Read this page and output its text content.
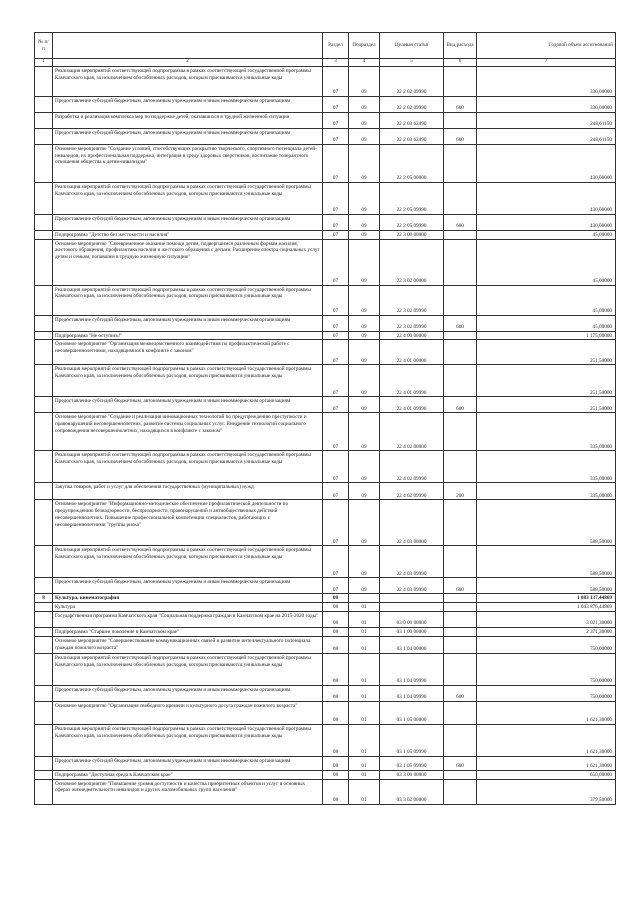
№ п/п		Раздел	Подраздел	Целевая статья	Вид расхода	Годовой объем ассигнований
1	2	3	4	5	6	7
	Реализация мероприятий соответствующей подпрограммы в рамках соответствующей государственной программы Камчатского края, за исключением обособленных расходов, которым присваиваются уникальные коды	07	09	22 2 02 09990		330,00000
	Предоставление субсидий бюджетным, автономным учреждениям и иным некоммерческим организациям	07	09	22 2 02 09990	600	330,00000
	Разработка и реализация комплекса мер по поддержке детей, оказавшихся в трудной жизненной ситуации	07	09	22 2 03 62490		248,61150
	Предоставление субсидий бюджетным, автономным учреждениям и иным некоммерческим организациям	07	09	22 2 03 62490	600	248,61150
	Основное мероприятие "Создание условий, способствующих раскрытию творческого, спортивного потенциала детей-инвалидов, их профессиональная поддержка, интеграция в среду здоровых сверстников, воспитание толерантного отношения общества к детям-инвалидам"	07	09	22 2 05 00000		430,00000
	Реализация мероприятий соответствующей подпрограммы в рамках соответствующей государственной программы Камчатского края, за исключением обособленных расходов, которым присваиваются уникальные коды	07	09	22 2 05 09990		430,00000
	Предоставление субсидий бюджетным, автономным учреждениям и иным некоммерческим организациям	07	09	22 2 05 09990	600	430,00000
	Подпрограмма "Детство без жестокости и насилия"	07	09	22 3 00 00000		45,00000
	Основное мероприятие "Своевременное оказание помощи детям, подвергшимся различным формам насилия, жестокого обращения, профилактика насилия и жестокого обращения с детьми. Расширение спектра социальных услуг детям и семьям, попавшим в трудную жизненную ситуацию"	07	09	22 3 02 00000		45,00000
	Реализация мероприятий соответствующей подпрограммы в рамках соответствующей государственной программы Камчатского края, за исключением обособленных расходов, которым присваиваются уникальные коды	07	09	22 3 02 09990		45,00000
	Предоставление субсидий бюджетным, автономным учреждениям и иным некоммерческим организациям	07	09	22 3 02 09990	600	45,00000
	Подпрограмма "Не оступись!"	07	09	22 4 00 00000		1 175,00000
	Основное мероприятие "Организация межведомственного взаимодействия по профилактической работе с несовершеннолетними, находящимися в конфликте с законом"	07	09	22 4 01 00000		251,50000
	Реализация мероприятий соответствующей подпрограммы в рамках соответствующей государственной программы Камчатского края, за исключением обособленных расходов, которым присваиваются уникальные коды	07	09	22 4 01 09990		251,50000
	Предоставление субсидий бюджетным, автономным учреждениям и иным некоммерческим организациям	07	09	22 4 01 09990	600	251,50000
	Основное мероприятие "Создание и реализация инновационных технологий по предупреждению преступности и правонарушений несовершеннолетних, развитие системы социальных услуг. Внедрение технологий социального сопровождения несовершеннолетних, находящихся в конфликте с законом"	07	09	22 4 02 00000		335,00000
	Реализация мероприятий соответствующей подпрограммы в рамках соответствующей государственной программы Камчатского края, за исключением обособленных расходов, которым присваиваются уникальные коды	07	09	22 4 02 09990		335,00000
	Закупка товаров, работ и услуг для обеспечения государственных (муниципальных) нужд	07	09	22 4 02 09990	200	335,00000
	Основное мероприятие "Информационно-методическое обеспечение профилактической деятельности по предупреждению безнадзорности, беспризорности, правонарушений и антиобщественных действий несовершеннолетних. Повышение профессиональной компетенции специалистов, работающих с несовершеннолетними "группы риска"	07	09	22 4 03 00000		588,50000
	Реализация мероприятий соответствующей подпрограммы в рамках соответствующей государственной программы Камчатского края, за исключением обособленных расходов, которым присваиваются уникальные коды	07	09	22 4 03 09990		588,50000
	Предоставление субсидий бюджетным, автономным учреждениям и иным некоммерческим организациям	07	09	22 4 03 09990	600	588,50000
8	Культура, кинематография	08				1 083 137,44869
	Культура	08	01			1 043 876,44869
	Государственная программа Камчатского края "Социальная поддержка граждан в Камчатском крае на 2015-2020 годы"	08	01	03 0 00 00000		3 021,30000
	Подпрограмма "Старшее поколение в Камчатском крае"	08	01	03 1 00 00000		2 371,30000
	Основное мероприятие "Совершенствование коммуникационных связей и развитие интеллектуального потенциала граждан пожилого возраста"	08	01	03 1 04 00000		750,00000
	Реализация мероприятий соответствующей подпрограммы в рамках соответствующей государственной программы Камчатского края, за исключением обособленных расходов, которым присваиваются уникальные коды	08	01	03 1 04 09990		750,00000
	Предоставление субсидий бюджетным, автономным учреждениям и иным некоммерческим организациям	08	01	03 1 04 09990	600	750,00000
	Основное мероприятие "Организация свободного времени и культурного досуга граждан пожилого возраста"	08	01	03 1 05 00000		1 621,30000
	Реализация мероприятий соответствующей подпрограммы в рамках соответствующей государственной программы Камчатского края, за исключением обособленных расходов, которым присваиваются уникальные коды	08	01	03 1 05 09990		1 621,30000
	Предоставление субсидий бюджетным, автономным учреждениям и иным некоммерческим организациям	08	01	03 1 05 09990	600	1 621,30000
	Подпрограмма "Доступная среда в Камчатском крае"	08	01	03 3 00 00000		650,00000
	Основное мероприятие "Повышение уровня доступности и качества приоритетных объектов и услуг в основных сферах жизнедеятельности инвалидов и других маломобильных групп населения"	08	01	03 3 02 00000		379,50000
